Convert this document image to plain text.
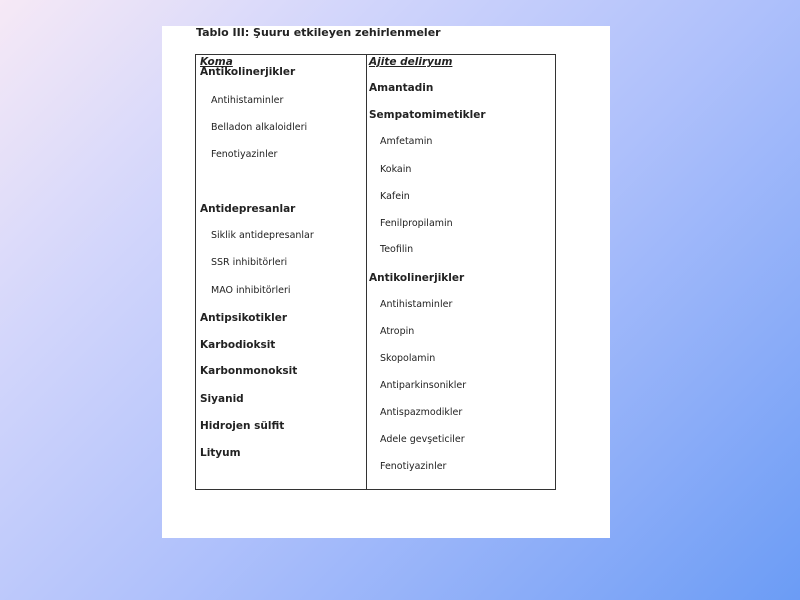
Tablo III: Şuuru etkileyen zehirlenmeler
Koma
Antikolinerjikler
Antihistaminler
Belladon alkaloidleri
Fenotiyazinler
Antidepresanlar
Siklik antidepresanlar
SSR inhibitörleri
MAO inhibitörleri
Antipsikotikler
Karbodioksit
Karbonmonoksit
Siyanid
Hidrojen sülfit
Lityum
Ajite deliryum
Amantadin
Sempatomimetikler
Amfetamin
Kokain
Kafein
Fenilpropilamin
Teofilin
Antikolinerjikler
Antihistaminler
Atropin
Skopolamin
Antiparkinsonikler
Antispazmodikler
Adele gevşeticiler
Fenotiyazinler
